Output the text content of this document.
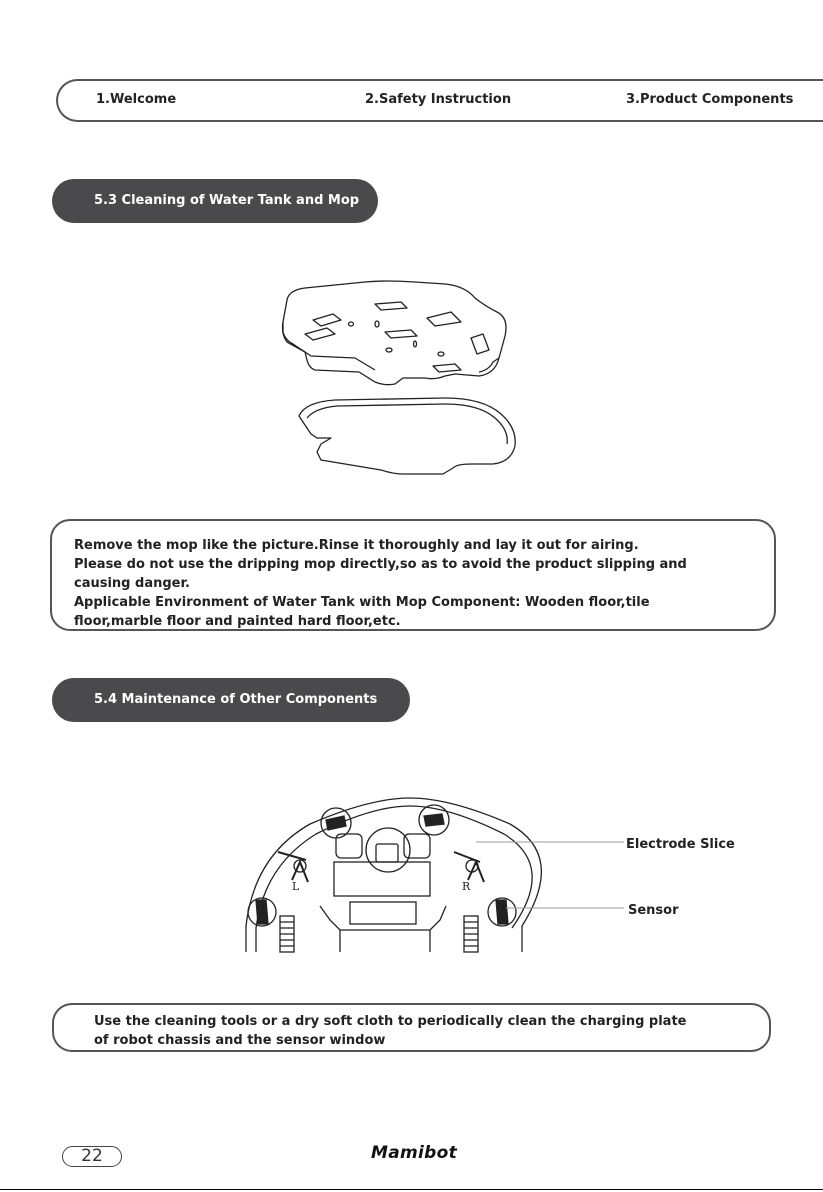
1.Welcome	2.Safety Instruction	3.Product Components
5.3 Cleaning of Water Tank and Mop

Remove the mop like the picture.Rinse it thoroughly and lay it out for airing.

Please do not use the dripping mop directly,so as to avoid the product slipping and causing danger.

Applicable Environment of Water Tank with Mop Component: Wooden floor,tile floor,marble floor and painted hard floor,etc.

5.4 Maintenance of Other Components
L	R
Electrode Slice
Sensor

Use the cleaning tools or a dry soft cloth to periodically clean the charging plate of robot chassis and the sensor window

22	Mamibot
